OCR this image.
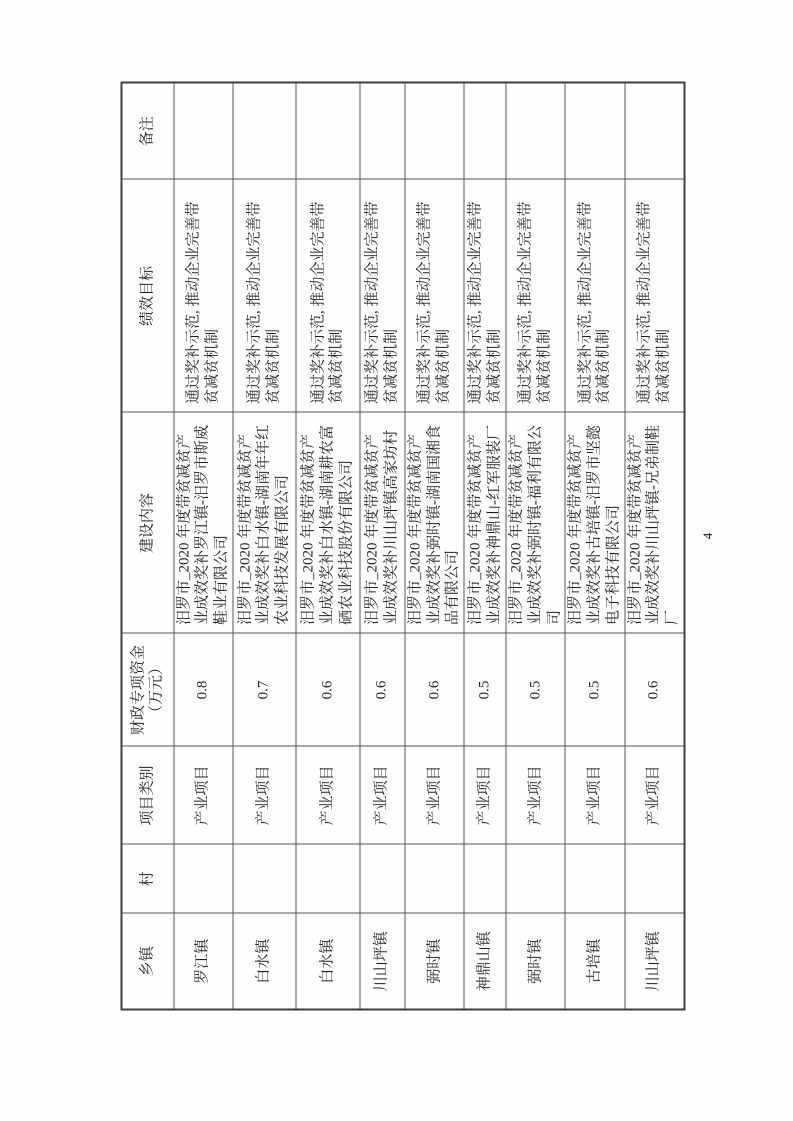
乡镇	村	项目类别	财政专项资金（万元）	建设内容	绩效目标	备注
罗江镇		产业项目	0.8	汨罗市_2020 年度带贫减贫产业成效奖补罗江镇-汨罗市斯威鞋业有限公司	通过奖补示范, 推动企业完善带贫减贫机制	
白水镇		产业项目	0.7	汨罗市_2020 年度带贫减贫产业成效奖补白水镇-湖南年年红农业科技发展有限公司	通过奖补示范, 推动企业完善带贫减贫机制	
白水镇		产业项目	0.6	汨罗市_2020 年度带贫减贫产业成效奖补白水镇-湖南耕农富硒农业科技股份有限公司	通过奖补示范, 推动企业完善带贫减贫机制	
川山坪镇		产业项目	0.6	汨罗市_2020 年度带贫减贫产业成效奖补川山坪镇高家坊村	通过奖补示范, 推动企业完善带贫减贫机制	
弼时镇		产业项目	0.6	汨罗市_2020 年度带贫减贫产业成效奖补弼时镇-湖南国湘食品有限公司	通过奖补示范, 推动企业完善带贫减贫机制	
神鼎山镇		产业项目	0.5	汨罗市_2020 年度带贫减贫产业成效奖补神鼎山-红军服装厂	通过奖补示范, 推动企业完善带贫减贫机制	
弼时镇		产业项目	0.5	汨罗市_2020 年度带贫减贫产业成效奖补弼时镇-福利有限公司	通过奖补示范, 推动企业完善带贫减贫机制	
古培镇		产业项目	0.5	汨罗市_2020 年度带贫减贫产业成效奖补古培镇-汨罗市坚懿电子科技有限公司	通过奖补示范, 推动企业完善带贫减贫机制	
川山坪镇		产业项目	0.6	汨罗市_2020 年度带贫减贫产业成效奖补川山坪镇-兄弟制鞋厂	通过奖补示范, 推动企业完善带贫减贫机制	
4
